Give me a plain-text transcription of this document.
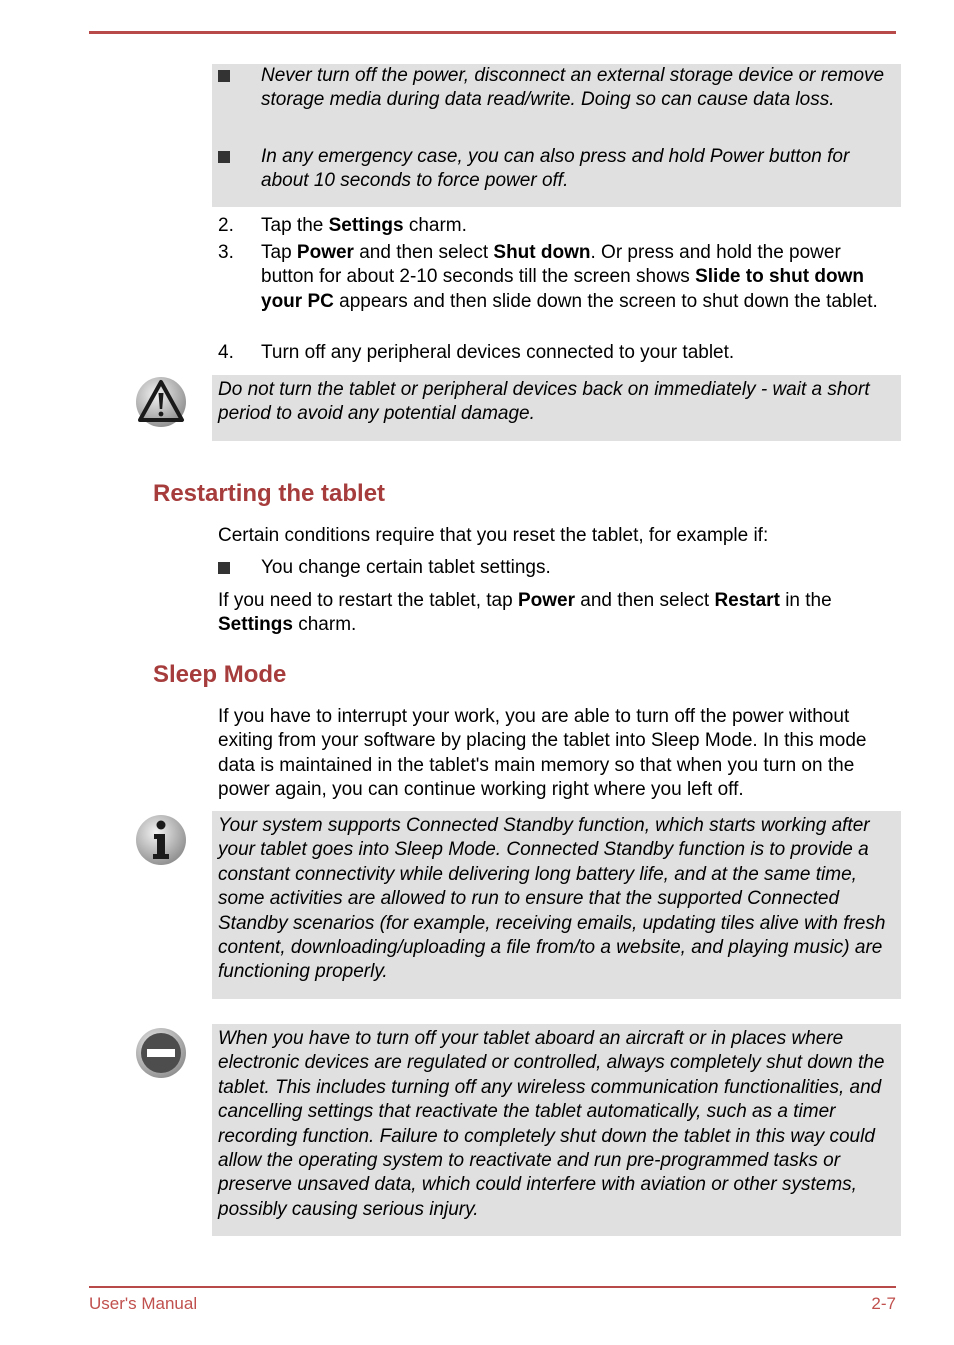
Never turn off the power, disconnect an external storage device or remove storage media during data read/write. Doing so can cause data loss.

In any emergency case, you can also press and hold Power button for about 10 seconds to force power off.

2. Tap the Settings charm.

3. Tap Power and then select Shut down. Or press and hold the power button for about 2-10 seconds till the screen shows Slide to shut down your PC appears and then slide down the screen to shut down the tablet.

4. Turn off any peripheral devices connected to your tablet.

Do not turn the tablet or peripheral devices back on immediately - wait a short period to avoid any potential damage.

Restarting the tablet

Certain conditions require that you reset the tablet, for example if:

You change certain tablet settings.

If you need to restart the tablet, tap Power and then select Restart in the Settings charm.

Sleep Mode

If you have to interrupt your work, you are able to turn off the power without exiting from your software by placing the tablet into Sleep Mode. In this mode data is maintained in the tablet's main memory so that when you turn on the power again, you can continue working right where you left off.

Your system supports Connected Standby function, which starts working after your tablet goes into Sleep Mode. Connected Standby function is to provide a constant connectivity while delivering long battery life, and at the same time, some activities are allowed to run to ensure that the supported Connected Standby scenarios (for example, receiving emails, updating tiles alive with fresh content, downloading/uploading a file from/to a website, and playing music) are functioning properly.

When you have to turn off your tablet aboard an aircraft or in places where electronic devices are regulated or controlled, always completely shut down the tablet. This includes turning off any wireless communication functionalities, and cancelling settings that reactivate the tablet automatically, such as a timer recording function. Failure to completely shut down the tablet in this way could allow the operating system to reactivate and run pre-programmed tasks or preserve unsaved data, which could interfere with aviation or other systems, possibly causing serious injury.

User's Manual	2-7
